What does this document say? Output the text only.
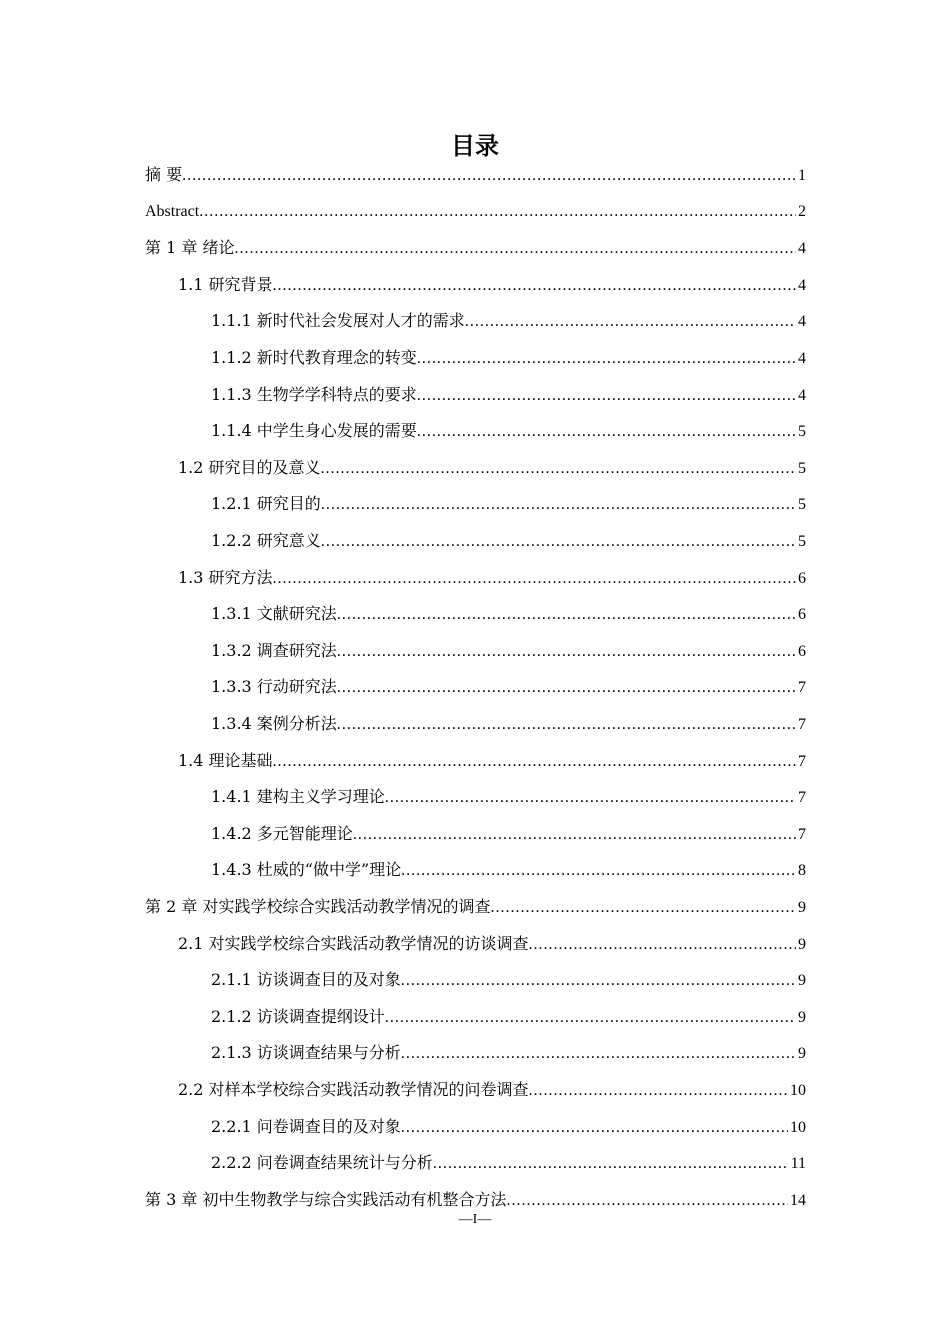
目录
摘 要 .....	1
Abstract .....	2
第 1 章 绪论 .....	4
1.1 研究背景 .....	4
1.1.1 新时代社会发展对人才的需求 .....	4
1.1.2 新时代教育理念的转变 .....	4
1.1.3 生物学学科特点的要求 .....	4
1.1.4 中学生身心发展的需要 .....	5
1.2 研究目的及意义 .....	5
1.2.1 研究目的 .....	5
1.2.2 研究意义 .....	5
1.3 研究方法 .....	6
1.3.1 文献研究法 .....	6
1.3.2 调查研究法 .....	6
1.3.3 行动研究法 .....	7
1.3.4 案例分析法 .....	7
1.4 理论基础 .....	7
1.4.1 建构主义学习理论 .....	7
1.4.2 多元智能理论 .....	7
1.4.3 杜威的“做中学”理论 .....	8
第 2 章 对实践学校综合实践活动教学情况的调查 .....	9
2.1 对实践学校综合实践活动教学情况的访谈调查 .....	9
2.1.1 访谈调查目的及对象 .....	9
2.1.2 访谈调查提纲设计 .....	9
2.1.3 访谈调查结果与分析 .....	9
2.2 对样本学校综合实践活动教学情况的问卷调查 .....	10
2.2.1 问卷调查目的及对象 .....	10
2.2.2 问卷调查结果统计与分析 .....	11
第 3 章 初中生物教学与综合实践活动有机整合方法 .....	14
—I—
